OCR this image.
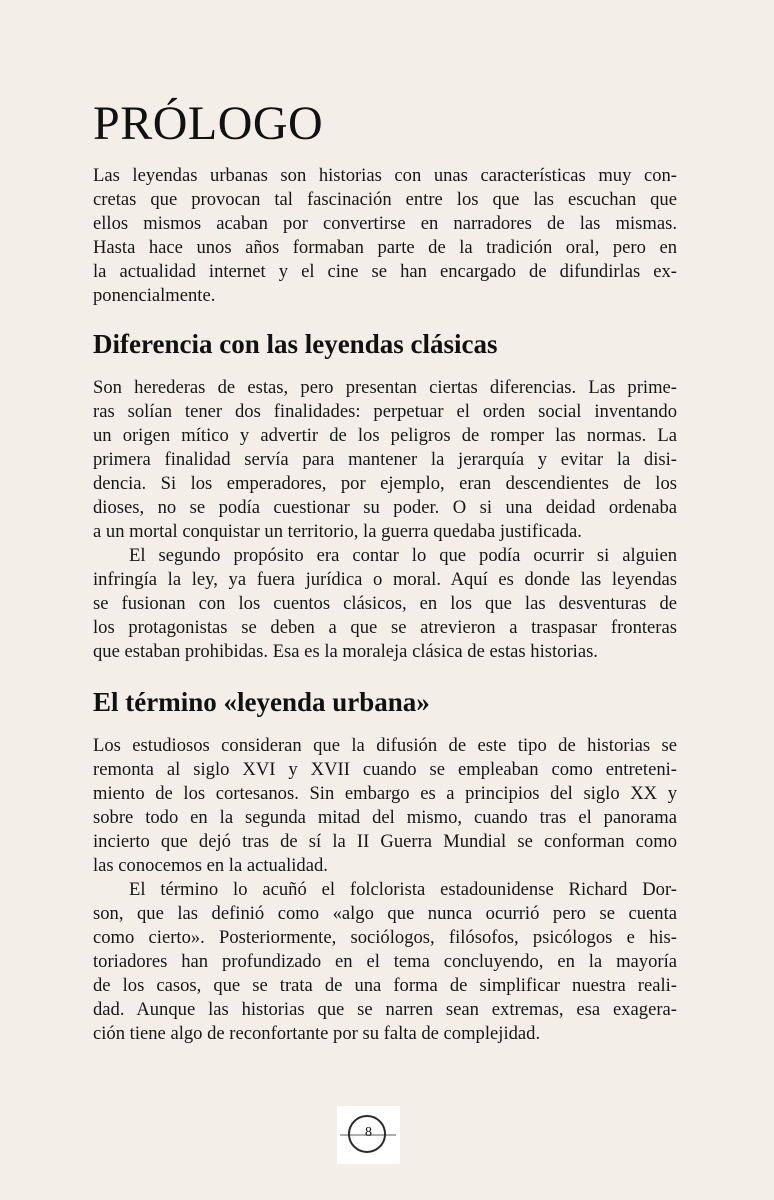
PRÓLOGO
Las leyendas urbanas son historias con unas características muy con-
cretas que provocan tal fascinación entre los que las escuchan que
ellos mismos acaban por convertirse en narradores de las mismas.
Hasta hace unos años formaban parte de la tradición oral, pero en
la actualidad internet y el cine se han encargado de difundirlas ex-
ponencialmente.
Diferencia con las leyendas clásicas
Son herederas de estas, pero presentan ciertas diferencias. Las prime-
ras solían tener dos finalidades: perpetuar el orden social inventando
un origen mítico y advertir de los peligros de romper las normas. La
primera finalidad servía para mantener la jerarquía y evitar la disi-
dencia. Si los emperadores, por ejemplo, eran descendientes de los
dioses, no se podía cuestionar su poder. O si una deidad ordenaba
a un mortal conquistar un territorio, la guerra quedaba justificada.
El segundo propósito era contar lo que podía ocurrir si alguien
infringía la ley, ya fuera jurídica o moral. Aquí es donde las leyendas
se fusionan con los cuentos clásicos, en los que las desventuras de
los protagonistas se deben a que se atrevieron a traspasar fronteras
que estaban prohibidas. Esa es la moraleja clásica de estas historias.
El término «leyenda urbana»
Los estudiosos consideran que la difusión de este tipo de historias se
remonta al siglo XVI y XVII cuando se empleaban como entreteni-
miento de los cortesanos. Sin embargo es a principios del siglo XX y
sobre todo en la segunda mitad del mismo, cuando tras el panorama
incierto que dejó tras de sí la II Guerra Mundial se conforman como
las conocemos en la actualidad.
El término lo acuñó el folclorista estadounidense Richard Dor-
son, que las definió como «algo que nunca ocurrió pero se cuenta
como cierto». Posteriormente, sociólogos, filósofos, psicólogos e his-
toriadores han profundizado en el tema concluyendo, en la mayoría
de los casos, que se trata de una forma de simplificar nuestra reali-
dad. Aunque las historias que se narren sean extremas, esa exagera-
ción tiene algo de reconfortante por su falta de complejidad.
8
